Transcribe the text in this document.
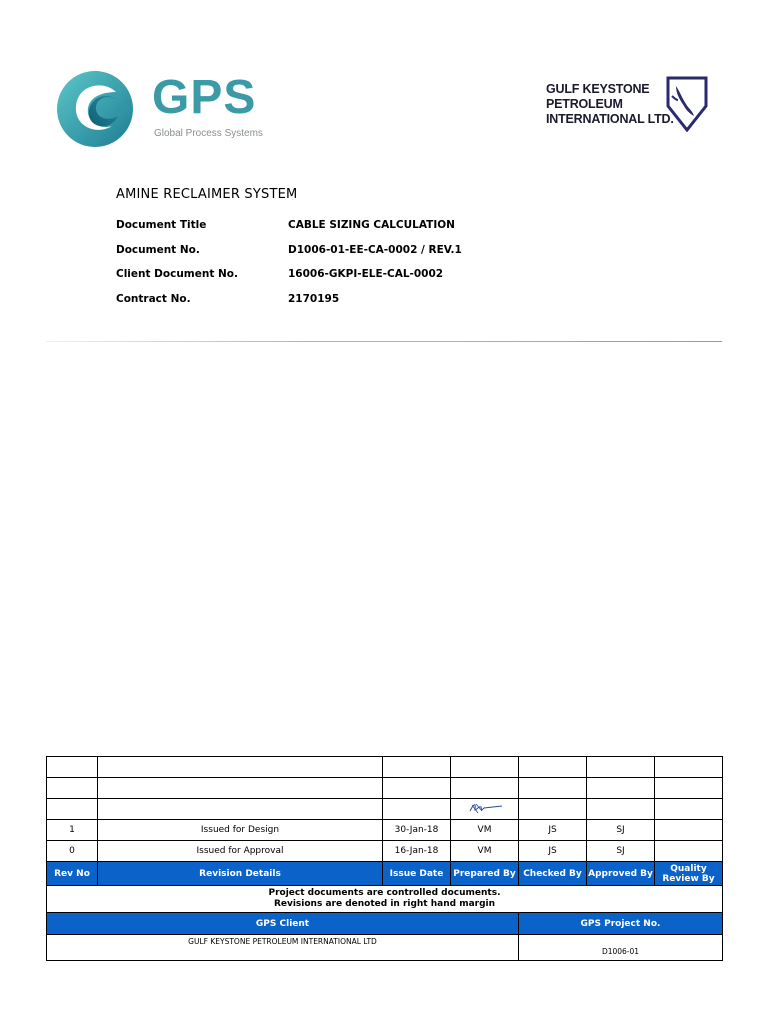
GPS
Global Process Systems
GULF KEYSTONE
PETROLEUM
INTERNATIONAL LTD.
AMINE RECLAIMER SYSTEM
Document Title	CABLE SIZING CALCULATION
Document No.	D1006-01-EE-CA-0002 / REV.1
Client Document No.	16006-GKPI-ELE-CAL-0002
Contract No.	2170195

1	Issued for Design	30-Jan-18	VM	JS	SJ	
0	Issued for Approval	16-Jan-18	VM	JS	SJ	
Rev No	Revision Details	Issue Date	Prepared By	Checked By	Approved By	Quality Review By

Project documents are controlled documents.
Revisions are denoted in right hand margin						

GPS Client				GPS Project No.		
GULF KEYSTONE PETROLEUM INTERNATIONAL LTD				D1006-01		
